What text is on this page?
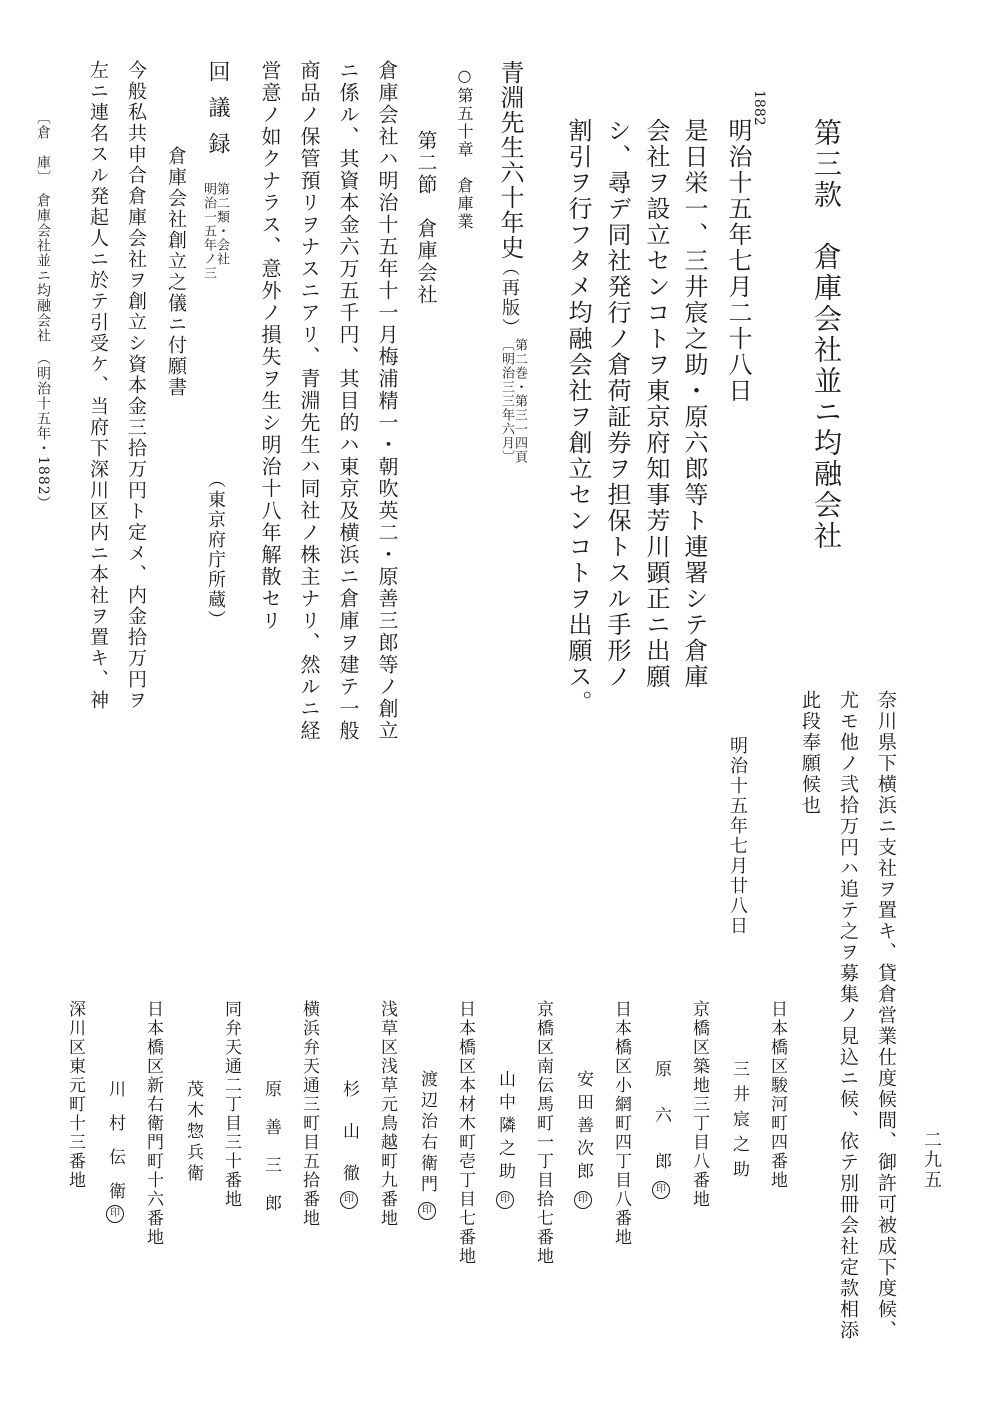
第三款　倉庫会社並ニ均融会社
1882
明治十五年七月二十八日
是日栄一、三井宸之助・原六郎等ト連署シテ倉庫
会社ヲ設立センコトヲ東京府知事芳川顕正ニ出願
シ、尋デ同社発行ノ倉荷証券ヲ担保トスル手形ノ
割引ヲ行フタメ均融会社ヲ創立センコトヲ出願ス。
青淵先生六十年史
（再版）
第二巻・第三一四頁
〔明治三三年六月〕
○第五十章　倉庫業
第二節　倉庫会社
倉庫会社ハ明治十五年十一月梅浦精一・朝吹英二・原善三郎等ノ創立
ニ係ル、其資本金六万五千円、其目的ハ東京及横浜ニ倉庫ヲ建テ一般
商品ノ保管預リヲナスニアリ、青淵先生ハ同社ノ株主ナリ、然ルニ経
営意ノ如クナラス、意外ノ損失ヲ生シ明治十八年解散セリ
回議録
第二類・会社
明治一五年ノ三
（東京府庁所蔵）
倉庫会社創立之儀ニ付願書
今般私共申合倉庫会社ヲ創立シ資本金三拾万円ト定メ、内金拾万円ヲ
左ニ連名スル発起人ニ於テ引受ケ、当府下深川区内ニ本社ヲ置キ、神
〔倉　庫〕　倉庫会社並ニ均融会社　（明治十五年・1882）
奈川県下横浜ニ支社ヲ置キ、貸倉営業仕度候間、御許可被成下度候、
尤モ他ノ弐拾万円ハ追テ之ヲ募集ノ見込ニ候、依テ別冊会社定款相添
此段奉願候也
明治十五年七月廿八日
日本橋区駿河町四番地
三井宸之助
京橋区築地三丁目八番地
原　六　郎印
日本橋区小網町四丁目八番地
安田善次郎印
京橋区南伝馬町一丁目拾七番地
山中隣之助印
日本橋区本材木町壱丁目七番地
渡辺治右衛門印
浅草区浅草元鳥越町九番地
杉　山　徹印
横浜弁天通三町目五拾番地
原　善　三　郎
同弁天通二丁目三十番地
茂木惣兵衛
日本橋区新右衛門町十六番地
川　村　伝　衛印
深川区東元町十三番地	二九五
